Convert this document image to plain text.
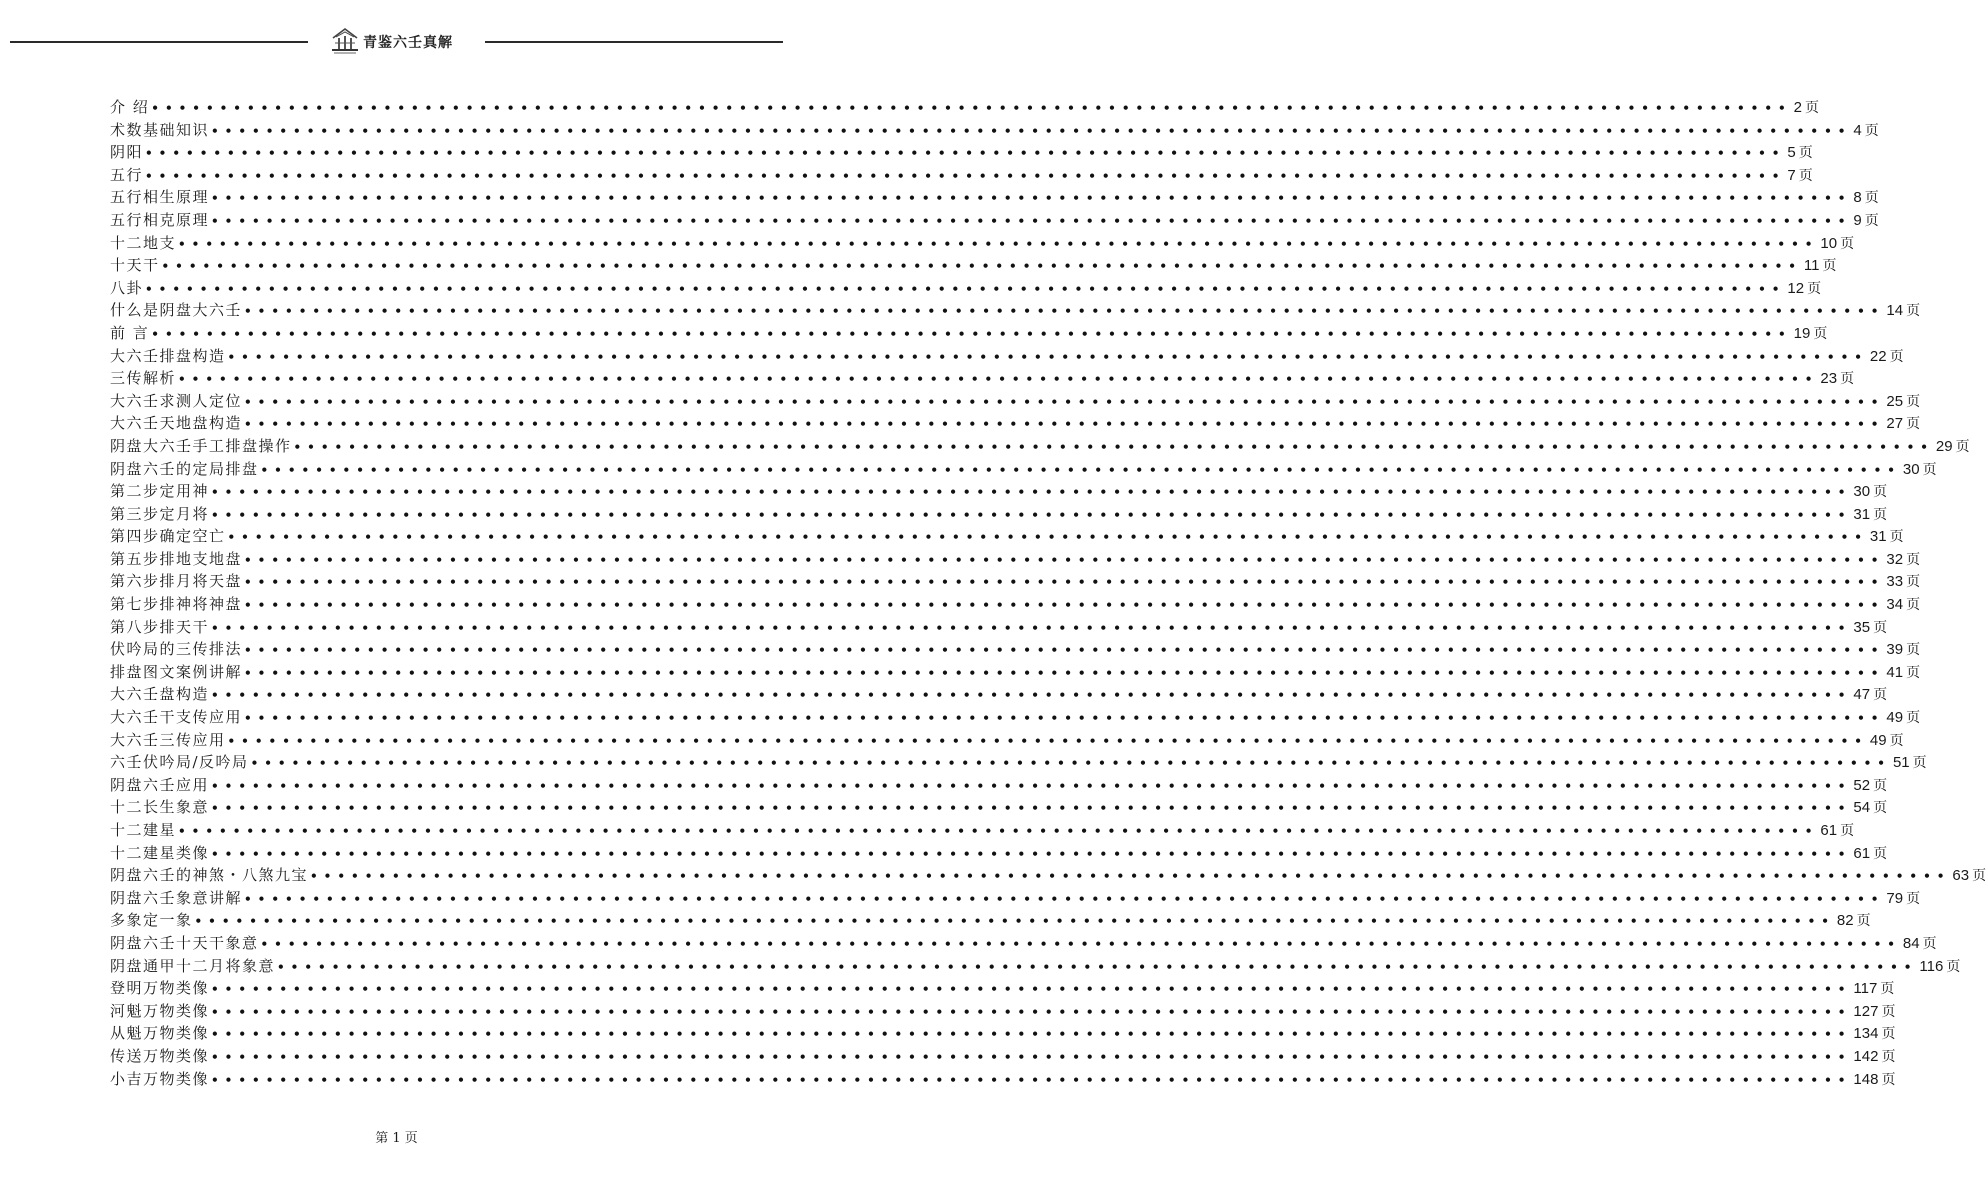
青鉴六壬真解
介 绍 •••••••••••••••••••••••••••••••••••••••••••••••••••••••••••••••••••••••••••••••••••••••••••••••••••••••••••••••••••••••• 2 页
术数基础知识 •••••••••••••••••••••••••••••••••••••••••••••••••••••••••••••••••••••••••••••••••••••••••••••••••••••••••••••••••••••••• 4 页
阴阳 •••••••••••••••••••••••••••••••••••••••••••••••••••••••••••••••••••••••••••••••••••••••••••••••••••••••••••••••••••••••• 5 页
五行 •••••••••••••••••••••••••••••••••••••••••••••••••••••••••••••••••••••••••••••••••••••••••••••••••••••••••••••••••••••••• 7 页
五行相生原理 •••••••••••••••••••••••••••••••••••••••••••••••••••••••••••••••••••••••••••••••••••••••••••••••••••••••••••••••••••••••• 8 页
五行相克原理 •••••••••••••••••••••••••••••••••••••••••••••••••••••••••••••••••••••••••••••••••••••••••••••••••••••••••••••••••••••••• 9 页
十二地支 •••••••••••••••••••••••••••••••••••••••••••••••••••••••••••••••••••••••••••••••••••••••••••••••••••••••••••••••••••••••• 10 页
十天干 •••••••••••••••••••••••••••••••••••••••••••••••••••••••••••••••••••••••••••••••••••••••••••••••••••••••••••••••••••••••• 11 页
八卦 •••••••••••••••••••••••••••••••••••••••••••••••••••••••••••••••••••••••••••••••••••••••••••••••••••••••••••••••••••••••• 12 页
什么是阴盘大六壬 •••••••••••••••••••••••••••••••••••••••••••••••••••••••••••••••••••••••••••••••••••••••••••••••••••••••••••••••••••••••• 14 页
前 言 •••••••••••••••••••••••••••••••••••••••••••••••••••••••••••••••••••••••••••••••••••••••••••••••••••••••••••••••••••••••• 19 页
大六壬排盘构造 •••••••••••••••••••••••••••••••••••••••••••••••••••••••••••••••••••••••••••••••••••••••••••••••••••••••••••••••••••••••• 22 页
三传解析 •••••••••••••••••••••••••••••••••••••••••••••••••••••••••••••••••••••••••••••••••••••••••••••••••••••••••••••••••••••••• 23 页
大六壬求测人定位 •••••••••••••••••••••••••••••••••••••••••••••••••••••••••••••••••••••••••••••••••••••••••••••••••••••••••••••••••••••••• 25 页
大六壬天地盘构造 •••••••••••••••••••••••••••••••••••••••••••••••••••••••••••••••••••••••••••••••••••••••••••••••••••••••••••••••••••••••• 27 页
阴盘大六壬手工排盘操作 •••••••••••••••••••••••••••••••••••••••••••••••••••••••••••••••••••••••••••••••••••••••••••••••••••••••••••••••••••••••• 29 页
阴盘六壬的定局排盘 •••••••••••••••••••••••••••••••••••••••••••••••••••••••••••••••••••••••••••••••••••••••••••••••••••••••••••••••••••••••• 30 页
第二步定用神 •••••••••••••••••••••••••••••••••••••••••••••••••••••••••••••••••••••••••••••••••••••••••••••••••••••••••••••••••••••••• 30 页
第三步定月将 •••••••••••••••••••••••••••••••••••••••••••••••••••••••••••••••••••••••••••••••••••••••••••••••••••••••••••••••••••••••• 31 页
第四步确定空亡 •••••••••••••••••••••••••••••••••••••••••••••••••••••••••••••••••••••••••••••••••••••••••••••••••••••••••••••••••••••••• 31 页
第五步排地支地盘 •••••••••••••••••••••••••••••••••••••••••••••••••••••••••••••••••••••••••••••••••••••••••••••••••••••••••••••••••••••••• 32 页
第六步排月将天盘 •••••••••••••••••••••••••••••••••••••••••••••••••••••••••••••••••••••••••••••••••••••••••••••••••••••••••••••••••••••••• 33 页
第七步排神将神盘 •••••••••••••••••••••••••••••••••••••••••••••••••••••••••••••••••••••••••••••••••••••••••••••••••••••••••••••••••••••••• 34 页
第八步排天干 •••••••••••••••••••••••••••••••••••••••••••••••••••••••••••••••••••••••••••••••••••••••••••••••••••••••••••••••••••••••• 35 页
伏吟局的三传排法 •••••••••••••••••••••••••••••••••••••••••••••••••••••••••••••••••••••••••••••••••••••••••••••••••••••••••••••••••••••••• 39 页
排盘图文案例讲解 •••••••••••••••••••••••••••••••••••••••••••••••••••••••••••••••••••••••••••••••••••••••••••••••••••••••••••••••••••••••• 41 页
大六壬盘构造 •••••••••••••••••••••••••••••••••••••••••••••••••••••••••••••••••••••••••••••••••••••••••••••••••••••••••••••••••••••••• 47 页
大六壬干支传应用 •••••••••••••••••••••••••••••••••••••••••••••••••••••••••••••••••••••••••••••••••••••••••••••••••••••••••••••••••••••••• 49 页
大六壬三传应用 •••••••••••••••••••••••••••••••••••••••••••••••••••••••••••••••••••••••••••••••••••••••••••••••••••••••••••••••••••••••• 49 页
六壬伏吟局/反吟局 •••••••••••••••••••••••••••••••••••••••••••••••••••••••••••••••••••••••••••••••••••••••••••••••••••••••••••••••••••••••• 51 页
阴盘六壬应用 •••••••••••••••••••••••••••••••••••••••••••••••••••••••••••••••••••••••••••••••••••••••••••••••••••••••••••••••••••••••• 52 页
十二长生象意 •••••••••••••••••••••••••••••••••••••••••••••••••••••••••••••••••••••••••••••••••••••••••••••••••••••••••••••••••••••••• 54 页
十二建星 •••••••••••••••••••••••••••••••••••••••••••••••••••••••••••••••••••••••••••••••••••••••••••••••••••••••••••••••••••••••• 61 页
十二建星类像 •••••••••••••••••••••••••••••••••••••••••••••••••••••••••••••••••••••••••••••••••••••••••••••••••••••••••••••••••••••••• 61 页
阴盘六壬的神煞・八煞九宝 •••••••••••••••••••••••••••••••••••••••••••••••••••••••••••••••••••••••••••••••••••••••••••••••••••••••••••••••••••••••• 63 页
阴盘六壬象意讲解 •••••••••••••••••••••••••••••••••••••••••••••••••••••••••••••••••••••••••••••••••••••••••••••••••••••••••••••••••••••••• 79 页
多象定一象 •••••••••••••••••••••••••••••••••••••••••••••••••••••••••••••••••••••••••••••••••••••••••••••••••••••••••••••••••••••••• 82 页
阴盘六壬十天干象意 •••••••••••••••••••••••••••••••••••••••••••••••••••••••••••••••••••••••••••••••••••••••••••••••••••••••••••••••••••••••• 84 页
阴盘通甲十二月将象意 •••••••••••••••••••••••••••••••••••••••••••••••••••••••••••••••••••••••••••••••••••••••••••••••••••••••••••••••••••••••• 116 页
登明万物类像 •••••••••••••••••••••••••••••••••••••••••••••••••••••••••••••••••••••••••••••••••••••••••••••••••••••••••••••••••••••••• 117 页
河魁万物类像 •••••••••••••••••••••••••••••••••••••••••••••••••••••••••••••••••••••••••••••••••••••••••••••••••••••••••••••••••••••••• 127 页
从魁万物类像 •••••••••••••••••••••••••••••••••••••••••••••••••••••••••••••••••••••••••••••••••••••••••••••••••••••••••••••••••••••••• 134 页
传送万物类像 •••••••••••••••••••••••••••••••••••••••••••••••••••••••••••••••••••••••••••••••••••••••••••••••••••••••••••••••••••••••• 142 页
小吉万物类像 •••••••••••••••••••••••••••••••••••••••••••••••••••••••••••••••••••••••••••••••••••••••••••••••••••••••••••••••••••••••• 148 页
第 1 页
